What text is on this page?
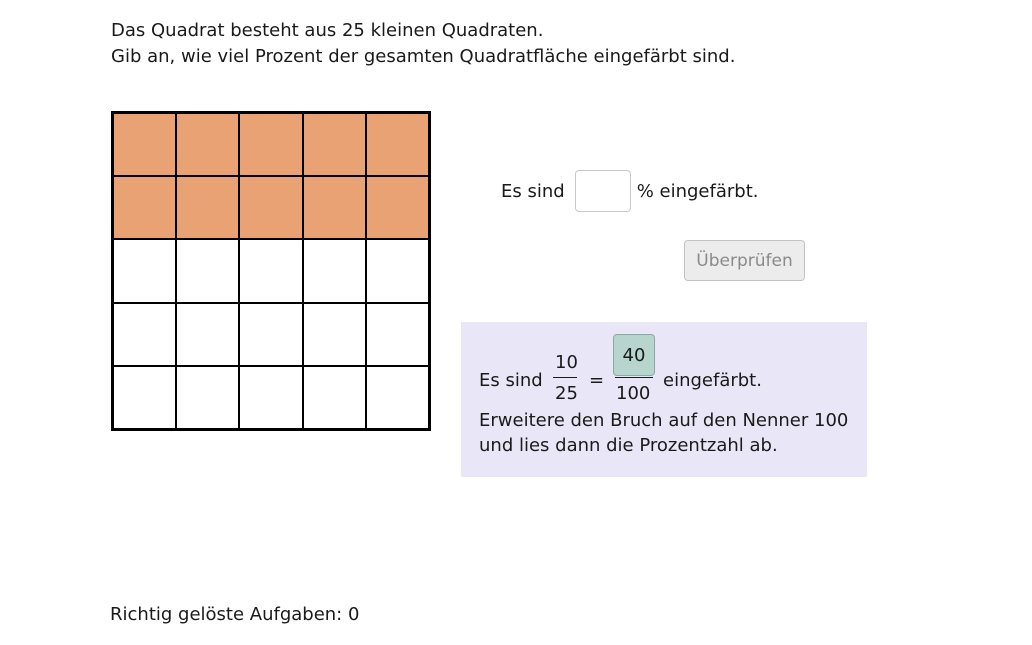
Das Quadrat besteht aus 25 kleinen Quadraten.
Gib an, wie viel Prozent der gesamten Quadratfläche eingefärbt sind.
Es sind	% eingefärbt.
Überprüfen
Es sind
10
25
=
40
100
eingefärbt.
Erweitere den Bruch auf den Nenner 100
und lies dann die Prozentzahl ab.
Richtig gelöste Aufgaben: 0
